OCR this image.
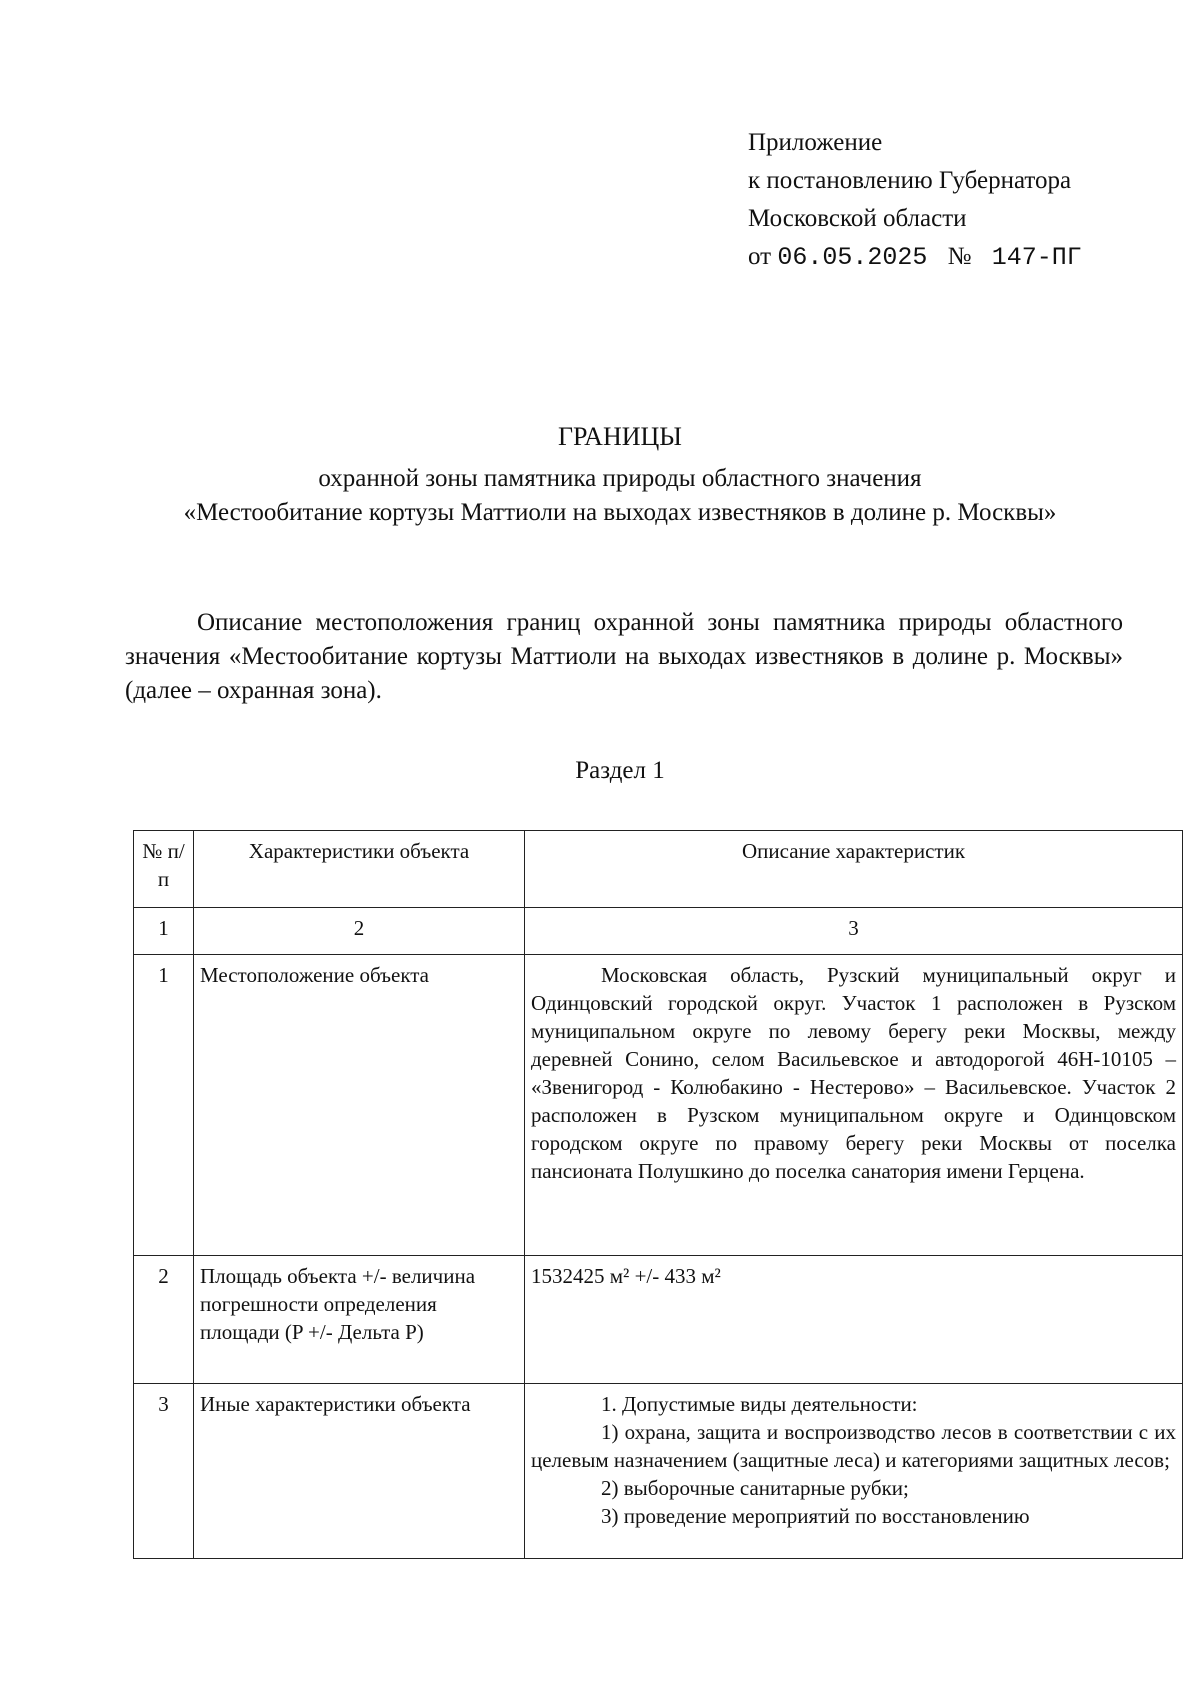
Приложение
к постановлению Губернатора
Московской области
от 06.05.2025 № 147-ПГ
ГРАНИЦЫ
охранной зоны памятника природы областного значения
«Местообитание кортузы Маттиоли на выходах известняков в долине р. Москвы»
Описание местоположения границ охранной зоны памятника природы областного значения «Местообитание кортузы Маттиоли на выходах известняков в долине р. Москвы» (далее – охранная зона).
Раздел 1
№ п/п	Характеристики объекта	Описание характеристик
1	2	3
1	Местоположение объекта	Московская область, Рузский муниципальный округ и Одинцовский городской округ. Участок 1 расположен в Рузском муниципальном округе по левому берегу реки Москвы, между деревней Сонино, селом Васильевское и автодорогой 46Н-10105 – «Звенигород - Колюбакино - Нестерово» – Васильевское. Участок 2 расположен в Рузском муниципальном округе и Одинцовском городском округе по правому берегу реки Москвы от поселка пансионата Полушкино до поселка санатория имени Герцена.
2	Площадь объекта +/- величина погрешности определения площади (P +/- Дельта P)	1532425 м² +/- 433 м²
3	Иные характеристики объекта	1. Допустимые виды деятельности:
1) охрана, защита и воспроизводство лесов в соответствии с их целевым назначением (защитные леса) и категориями защитных лесов;
2) выборочные санитарные рубки;
3) проведение мероприятий по восстановлению
